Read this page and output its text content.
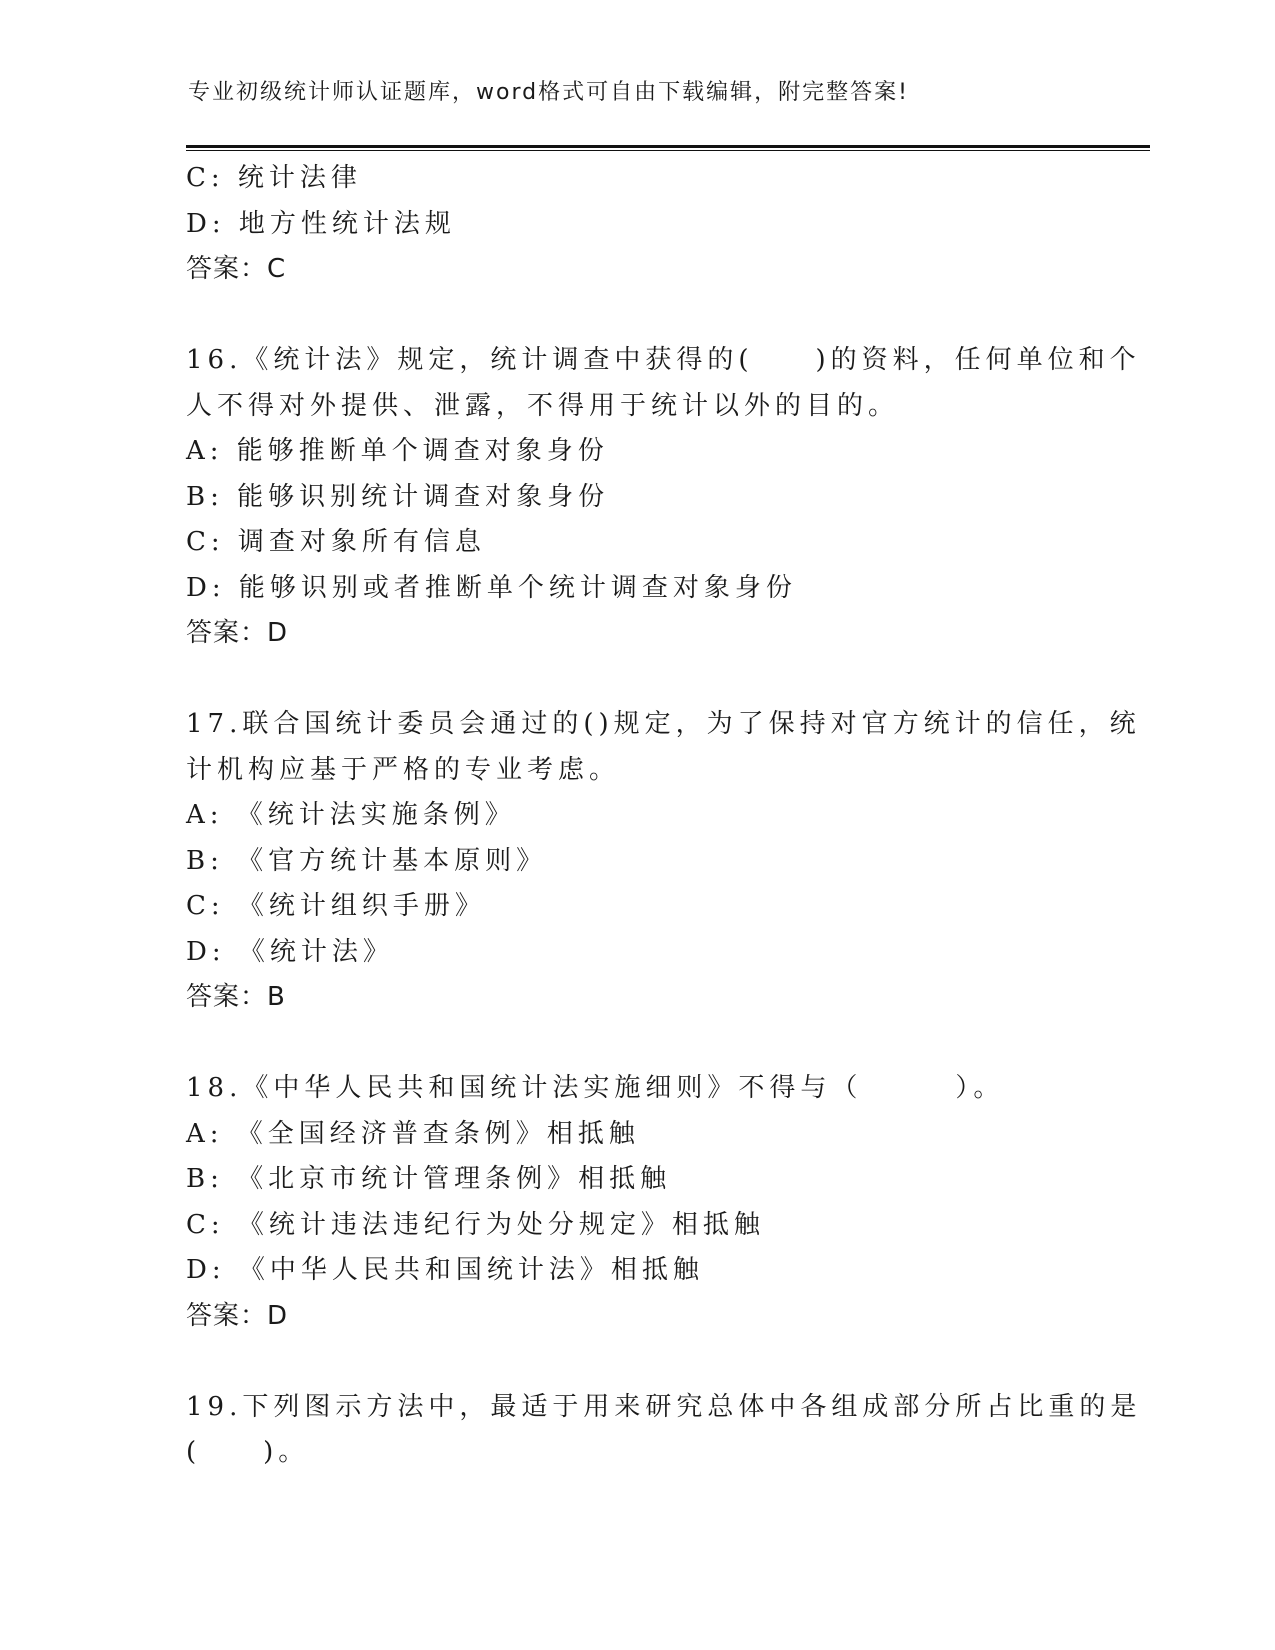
专业初级统计师认证题库，word格式可自由下载编辑，附完整答案!
C: 统计法律
D: 地方性统计法规
答案：C
16.《统计法》规定，统计调查中获得的(　　)的资料，任何单位和个
人不得对外提供、泄露，不得用于统计以外的目的。
A: 能够推断单个调查对象身份
B: 能够识别统计调查对象身份
C: 调查对象所有信息
D: 能够识别或者推断单个统计调查对象身份
答案：D
17.联合国统计委员会通过的()规定，为了保持对官方统计的信任，统
计机构应基于严格的专业考虑。
A: 《统计法实施条例》
B: 《官方统计基本原则》
C: 《统计组织手册》
D: 《统计法》
答案：B
18.《中华人民共和国统计法实施细则》不得与（　　　）。
A: 《全国经济普查条例》相抵触
B: 《北京市统计管理条例》相抵触
C: 《统计违法违纪行为处分规定》相抵触
D: 《中华人民共和国统计法》相抵触
答案：D
19.下列图示方法中，最适于用来研究总体中各组成部分所占比重的是
(　　)。
